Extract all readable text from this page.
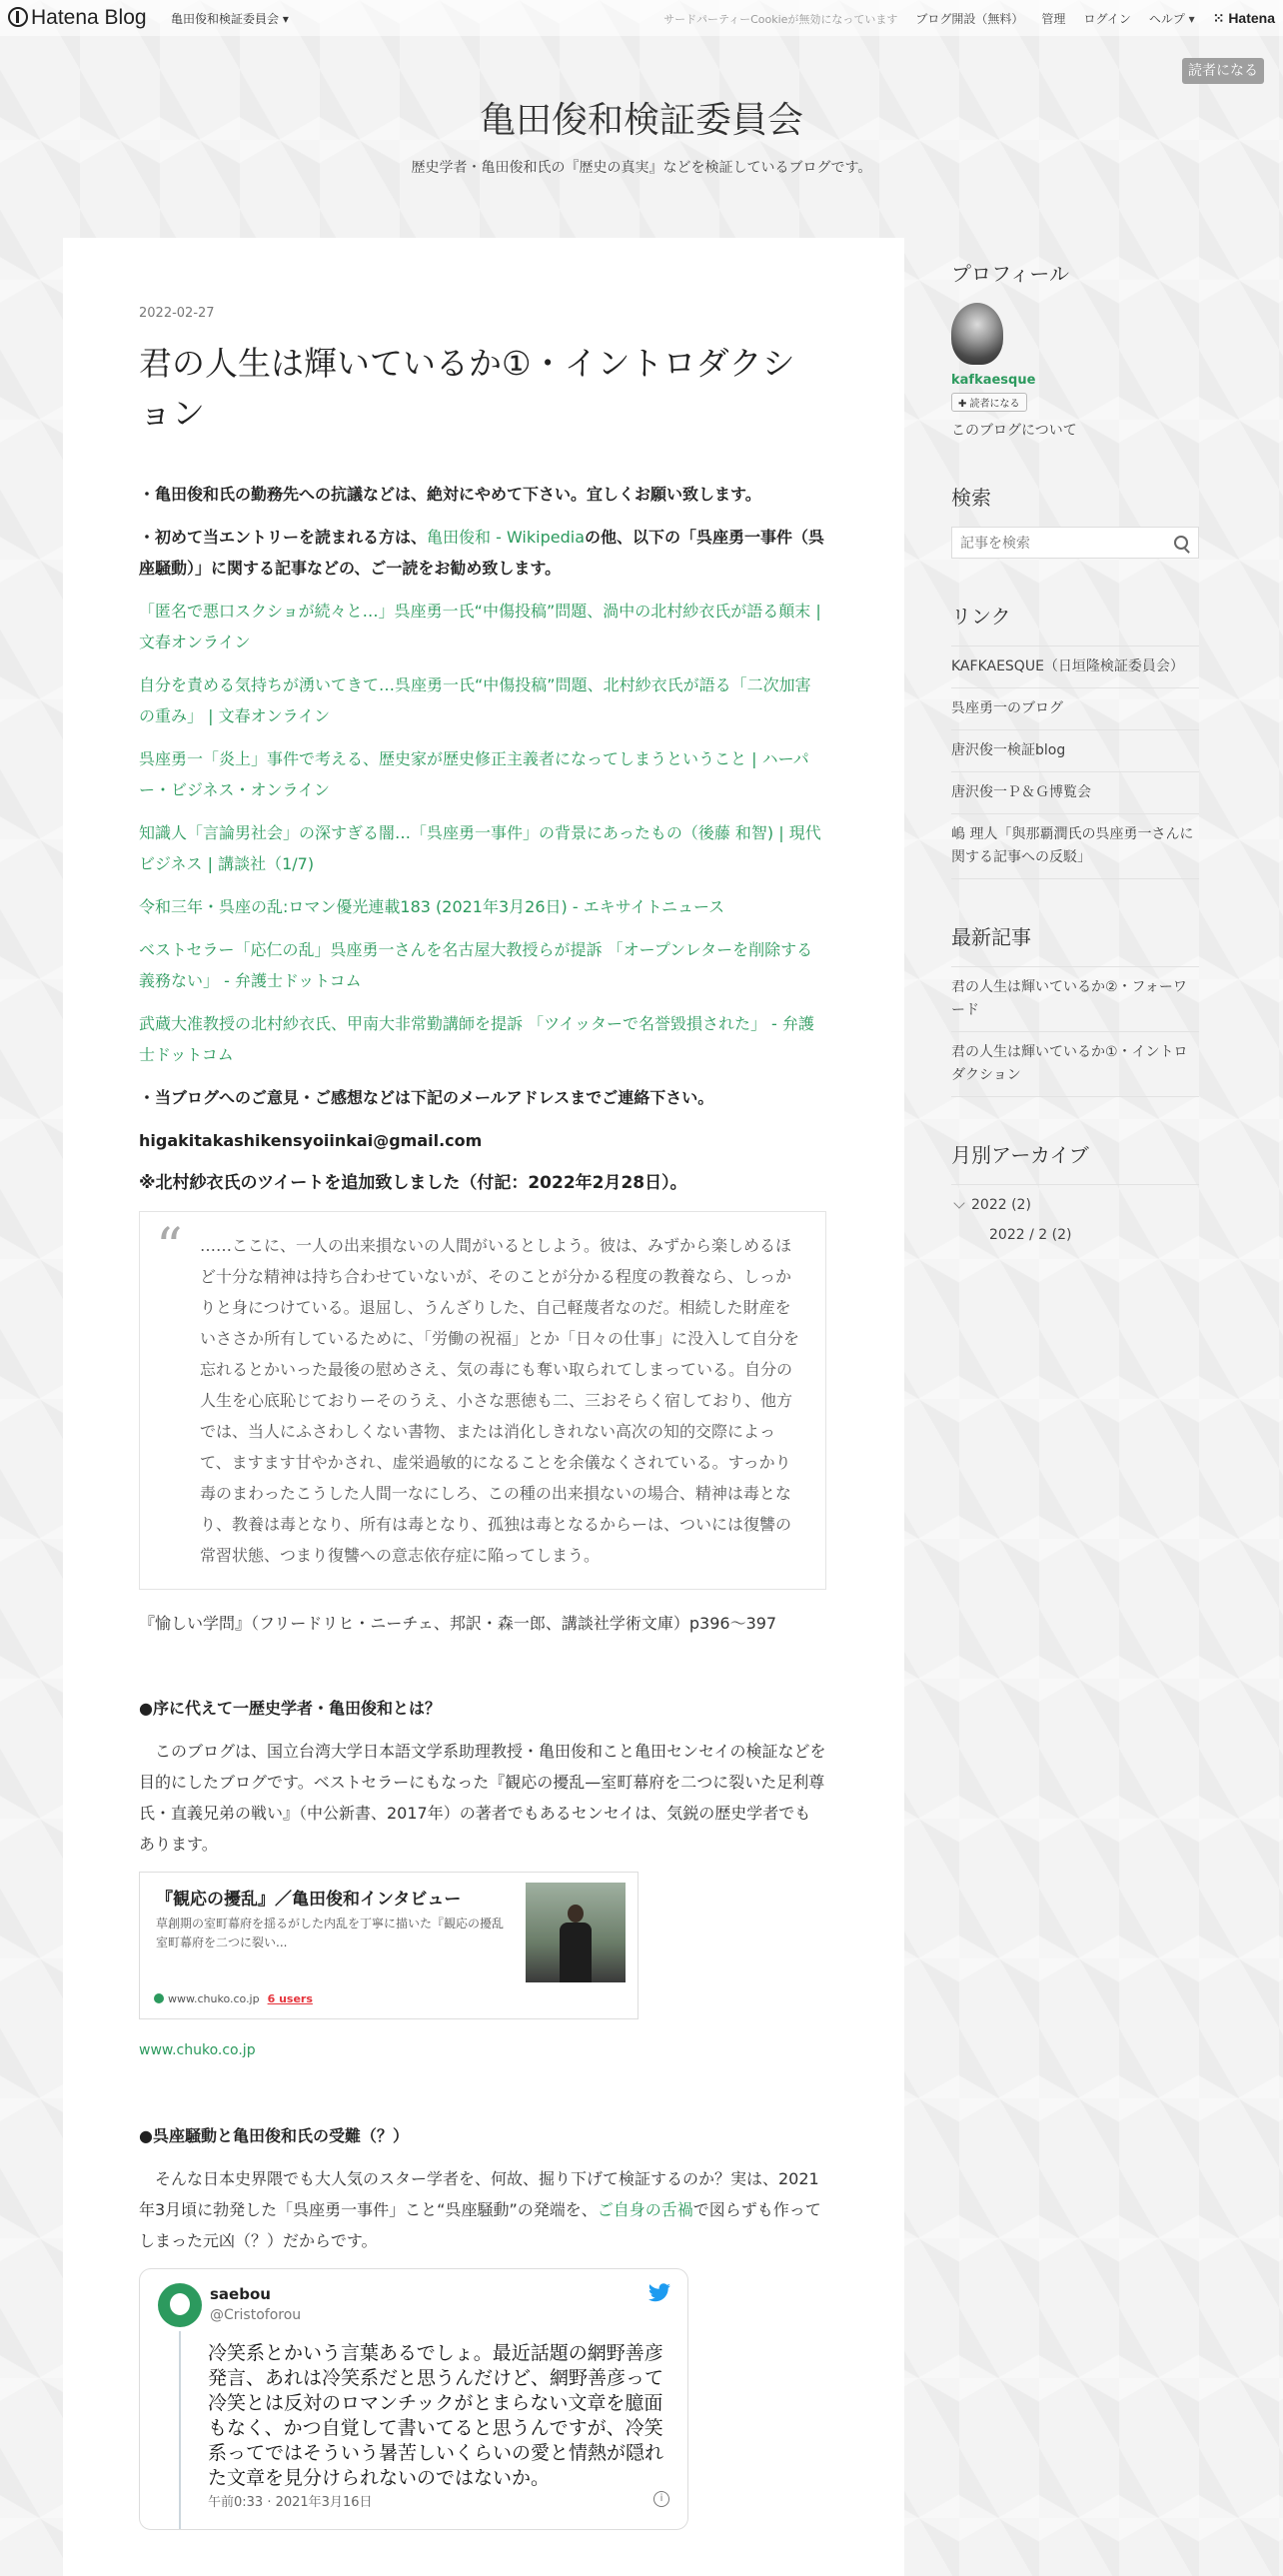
Hatena Blog 亀田俊和検証委員会 ▾	サードパーティーCookieが無効になっています ブログ開設（無料） 管理 ログイン ヘルプ ▾ ⁙ Hatena
読者になる
亀田俊和検証委員会
歴史学者・亀田俊和氏の『歴史の真実』などを検証しているブログです。
2022-02-27
君の人生は輝いているか①・イントロダクション

・亀田俊和氏の勤務先への抗議などは、絶対にやめて下さい。宜しくお願い致します。

・初めて当エントリーを読まれる方は、亀田俊和 - Wikipediaの他、以下の「呉座勇一事件（呉座騒動）」に関する記事などの、ご一読をお勧め致します。

「匿名で悪口スクショが続々と…」呉座勇一氏“中傷投稿”問題、渦中の北村紗衣氏が語る顛末 | 文春オンライン

自分を責める気持ちが湧いてきて…呉座勇一氏“中傷投稿”問題、北村紗衣氏が語る「二次加害の重み」 | 文春オンライン

呉座勇一「炎上」事件で考える、歴史家が歴史修正主義者になってしまうということ | ハーパー・ビジネス・オンライン

知識人「言論男社会」の深すぎる闇…「呉座勇一事件」の背景にあったもの（後藤 和智) | 現代ビジネス | 講談社（1/7)

令和三年・呉座の乱:ロマン優光連載183 (2021年3月26日) - エキサイトニュース

ベストセラー「応仁の乱」呉座勇一さんを名古屋大教授らが提訴 「オープンレターを削除する義務ない」 - 弁護士ドットコム

武蔵大准教授の北村紗衣氏、甲南大非常勤講師を提訴 「ツイッターで名誉毀損された」 - 弁護士ドットコム

・当ブログへのご意見・ご感想などは下記のメールアドレスまでご連絡下さい。

higakitakashikensyoiinkai@gmail.com

※北村紗衣氏のツイートを追加致しました（付記：2022年2月28日）。

“ ……ここに、一人の出来損ないの人間がいるとしよう。彼は、みずから楽しめるほど十分な精神は持ち合わせていないが、そのことが分かる程度の教養なら、しっかりと身につけている。退屈し、うんざりした、自己軽蔑者なのだ。相続した財産をいささか所有しているために、「労働の祝福」とか「日々の仕事」に没入して自分を忘れるとかいった最後の慰めさえ、気の毒にも奪い取られてしまっている。自分の人生を心底恥じておりーそのうえ、小さな悪徳も二、三おそらく宿しており、他方では、当人にふさわしくない書物、または消化しきれない高次の知的交際によって、ますます甘やかされ、虚栄過敏的になることを余儀なくされている。すっかり毒のまわったこうした人間一なにしろ、この種の出来損ないの場合、精神は毒となり、教養は毒となり、所有は毒となり、孤独は毒となるからーは、ついには復讐の常習状態、つまり復讐への意志依存症に陥ってしまう。

『愉しい学問』（フリードリヒ・ニーチェ、邦訳・森一郎、講談社学術文庫）p396～397

●序に代えて一歴史学者・亀田俊和とは？

このブログは、国立台湾大学日本語文学系助理教授・亀田俊和こと亀田センセイの検証などを目的にしたブログです。ベストセラーにもなった『観応の擾乱—室町幕府を二つに裂いた足利尊氏・直義兄弟の戦い』（中公新書、2017年）の著者でもあるセンセイは、気鋭の歴史学者でもあります。

『観応の擾乱』／亀田俊和インタビュー
草創期の室町幕府を揺るがした内乱を丁寧に描いた『観応の擾乱 室町幕府を二つに裂い...
www.chuko.co.jp 6 users

www.chuko.co.jp

●呉座騒動と亀田俊和氏の受難（？）

そんな日本史界隈でも大人気のスター学者を、何故、掘り下げて検証するのか？実は、2021年3月頃に勃発した「呉座勇一事件」こと“呉座騒動”の発端を、ご自身の舌禍で図らずも作ってしまった元凶（？）だからです。

saebou
@Cristoforou
冷笑系とかいう言葉あるでしょ。最近話題の網野善彦発言、あれは冷笑系だと思うんだけど、網野善彦って冷笑とは反対のロマンチックがとまらない文章を臆面もなく、かつ自覚して書いてると思うんですが、冷笑系ってではそういう暑苦しいくらいの愛と情熱が隠れた文章を見分けられないのではないか。
午前0:33 · 2021年3月16日	i
プロフィール
kafkaesque
✚ 読者になる
このブログについて
検索
記事を検索
リンク
KAFKAESQUE（日垣隆検証委員会）
呉座勇一のブログ
唐沢俊一検証blog
唐沢俊一Ｐ＆Ｇ博覧会
嶋 理人「與那覇潤氏の呉座勇一さんに関する記事への反駁」
最新記事
君の人生は輝いているか②・フォーワード
君の人生は輝いているか①・イントロダクション
月別アーカイブ
2022 (2)
2022 / 2 (2)
